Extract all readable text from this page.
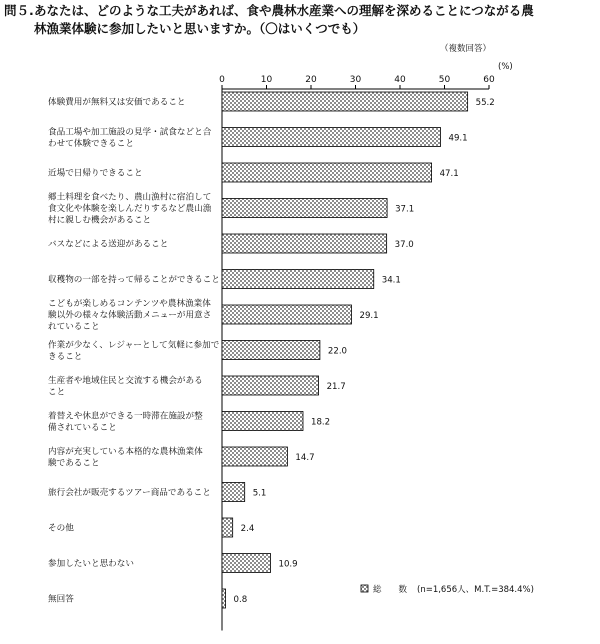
問５.あなたは、どのような工夫があれば、食や農林水産業への理解を深めることにつながる農
林漁業体験に参加したいと思いますか。（〇はいくつでも）
（複数回答）
(%)
0	10	20	30	40	50	60
55.2
49.1
47.1
37.1
37.0
34.1
29.1
22.0
21.7
18.2
14.7
5.1
2.4
10.9
0.8
体験費用が無料又は安価であること
食品工場や加工施設の見学・試食などと合わせて体験できること
近場で日帰りできること
郷土料理を食べたり、農山漁村に宿泊して食文化や体験を楽しんだりするなど農山漁村に親しむ機会があること
バスなどによる送迎があること
収穫物の一部を持って帰ることができること
こどもが楽しめるコンテンツや農林漁業体験以外の様々な体験活動メニューが用意されていること
作業が少なく、レジャーとして気軽に参加できること
生産者や地域住民と交流する機会があること
着替えや休息ができる一時滞在施設が整備されていること
内容が充実している本格的な農林漁業体験であること
旅行会社が販売するツアー商品であること
その他
参加したいと思わない
無回答
総　　数 (n=1,656人、M.T.=384.4%)
